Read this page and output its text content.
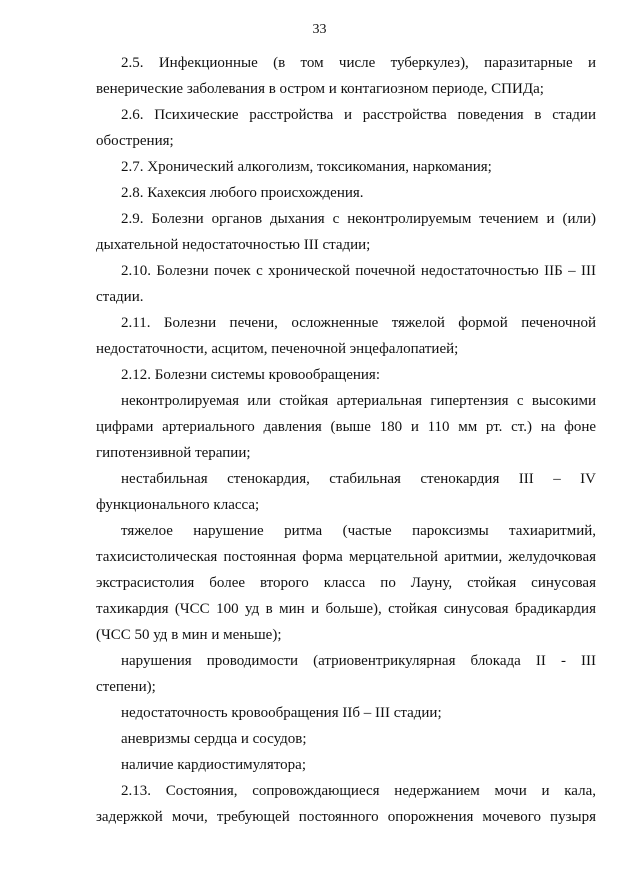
33
2.5. Инфекционные (в том числе туберкулез), паразитарные и
венерические заболевания в остром и контагиозном периоде, СПИДа;
2.6. Психические расстройства и расстройства поведения в стадии
обострения;
2.7. Хронический алкоголизм, токсикомания, наркомания;
2.8. Кахексия любого происхождения.
2.9. Болезни органов дыхания с неконтролируемым течением и (или)
дыхательной недостаточностью III стадии;
2.10. Болезни почек с хронической почечной недостаточностью IIБ – III
стадии.
2.11. Болезни печени, осложненные тяжелой формой печеночной
недостаточности, асцитом, печеночной энцефалопатией;
2.12. Болезни системы кровообращения:
неконтролируемая или стойкая артериальная гипертензия с высокими
цифрами артериального давления (выше 180 и 110 мм рт. ст.) на фоне
гипотензивной терапии;
нестабильная стенокардия, стабильная стенокардия III – IV
функционального класса;
тяжелое нарушение ритма (частые пароксизмы тахиаритмий,
тахисистолическая постоянная форма мерцательной аритмии, желудочковая
экстрасистолия более второго класса по Лауну, стойкая синусовая
тахикардия (ЧСС 100 уд в мин и больше), стойкая синусовая брадикардия
(ЧСС 50 уд в мин и меньше);
нарушения проводимости (атриовентрикулярная блокада II - III
степени);
недостаточность кровообращения IIб – III стадии;
аневризмы сердца и сосудов;
наличие кардиостимулятора;
2.13. Состояния, сопровождающиеся недержанием мочи и кала,
задержкой мочи, требующей постоянного опорожнения мочевого пузыря
